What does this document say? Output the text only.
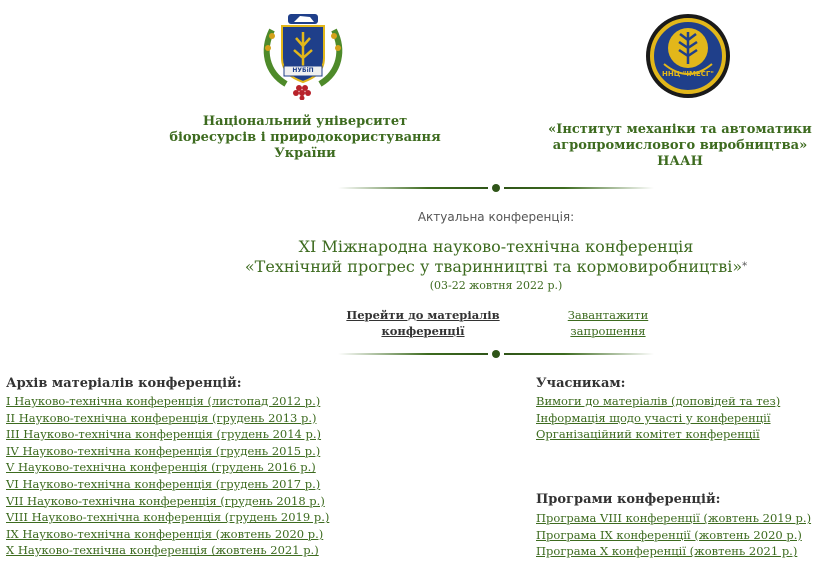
НУБіП	ННЦ "ІМЕСГ"
Національний університет
біоресурсів і природокористування
України
«Інститут механіки та автоматики
агропромислового виробництва» НААН
Актуальна конференція:
XI Міжнародна науково-технічна конференція
«Технічний прогрес у тваринництві та кормовиробництві»*
(03-22 жовтня 2022 р.)
Перейти до матеріалів
конференції
Завантажити
запрошення
Архів матеріалів конференцій:
I Науково-технічна конференція (листопад 2012 р.)
II Науково-технічна конференція (грудень 2013 р.)
III Науково-технічна конференція (грудень 2014 р.)
IV Науково-технічна конференція (грудень 2015 р.)
V Науково-технічна конференція (грудень 2016 р.)
VI Науково-технічна конференція (грудень 2017 р.)
VII Науково-технічна конференція (грудень 2018 р.)
VIII Науково-технічна конференція (грудень 2019 р.)
IX Науково-технічна конференція (жовтень 2020 р.)
X Науково-технічна конференція (жовтень 2021 р.)
Учасникам:
Вимоги до матеріалів (доповідей та тез)
Інформація щодо участі у конференції
Організаційний комітет конференції
Програми конференцій:
Програма VIII конференції (жовтень 2019 р.)
Програма IX конференції (жовтень 2020 р.)
Програма X конференції (жовтень 2021 р.)
